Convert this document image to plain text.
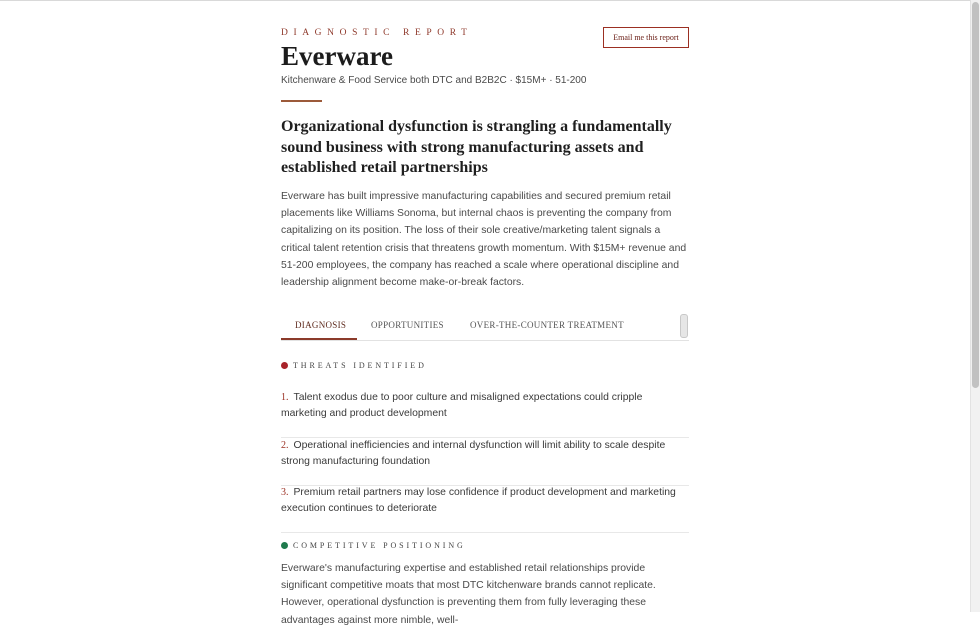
DIAGNOSTIC REPORT	Email me this report
Everware
Kitchenware & Food Service both DTC and B2B2C · $15M+ · 51-200
Organizational dysfunction is strangling a fundamentally sound business with strong manufacturing assets and established retail partnerships

Everware has built impressive manufacturing capabilities and secured premium retail placements like Williams Sonoma, but internal chaos is preventing the company from capitalizing on its position. The loss of their sole creative/marketing talent signals a critical talent retention crisis that threatens growth momentum. With $15M+ revenue and 51-200 employees, the company has reached a scale where operational discipline and leadership alignment become make-or-break factors.

DIAGNOSIS	OPPORTUNITIES	OVER-THE-COUNTER TREATMENT
THREATS IDENTIFIED
1. Talent exodus due to poor culture and misaligned expectations could cripple marketing and product development
2. Operational inefficiencies and internal dysfunction will limit ability to scale despite strong manufacturing foundation
3. Premium retail partners may lose confidence if product development and marketing execution continues to deteriorate
COMPETITIVE POSITIONING

Everware's manufacturing expertise and established retail relationships provide significant competitive moats that most DTC kitchenware brands cannot replicate. However, operational dysfunction is preventing them from fully leveraging these advantages against more nimble, well-
